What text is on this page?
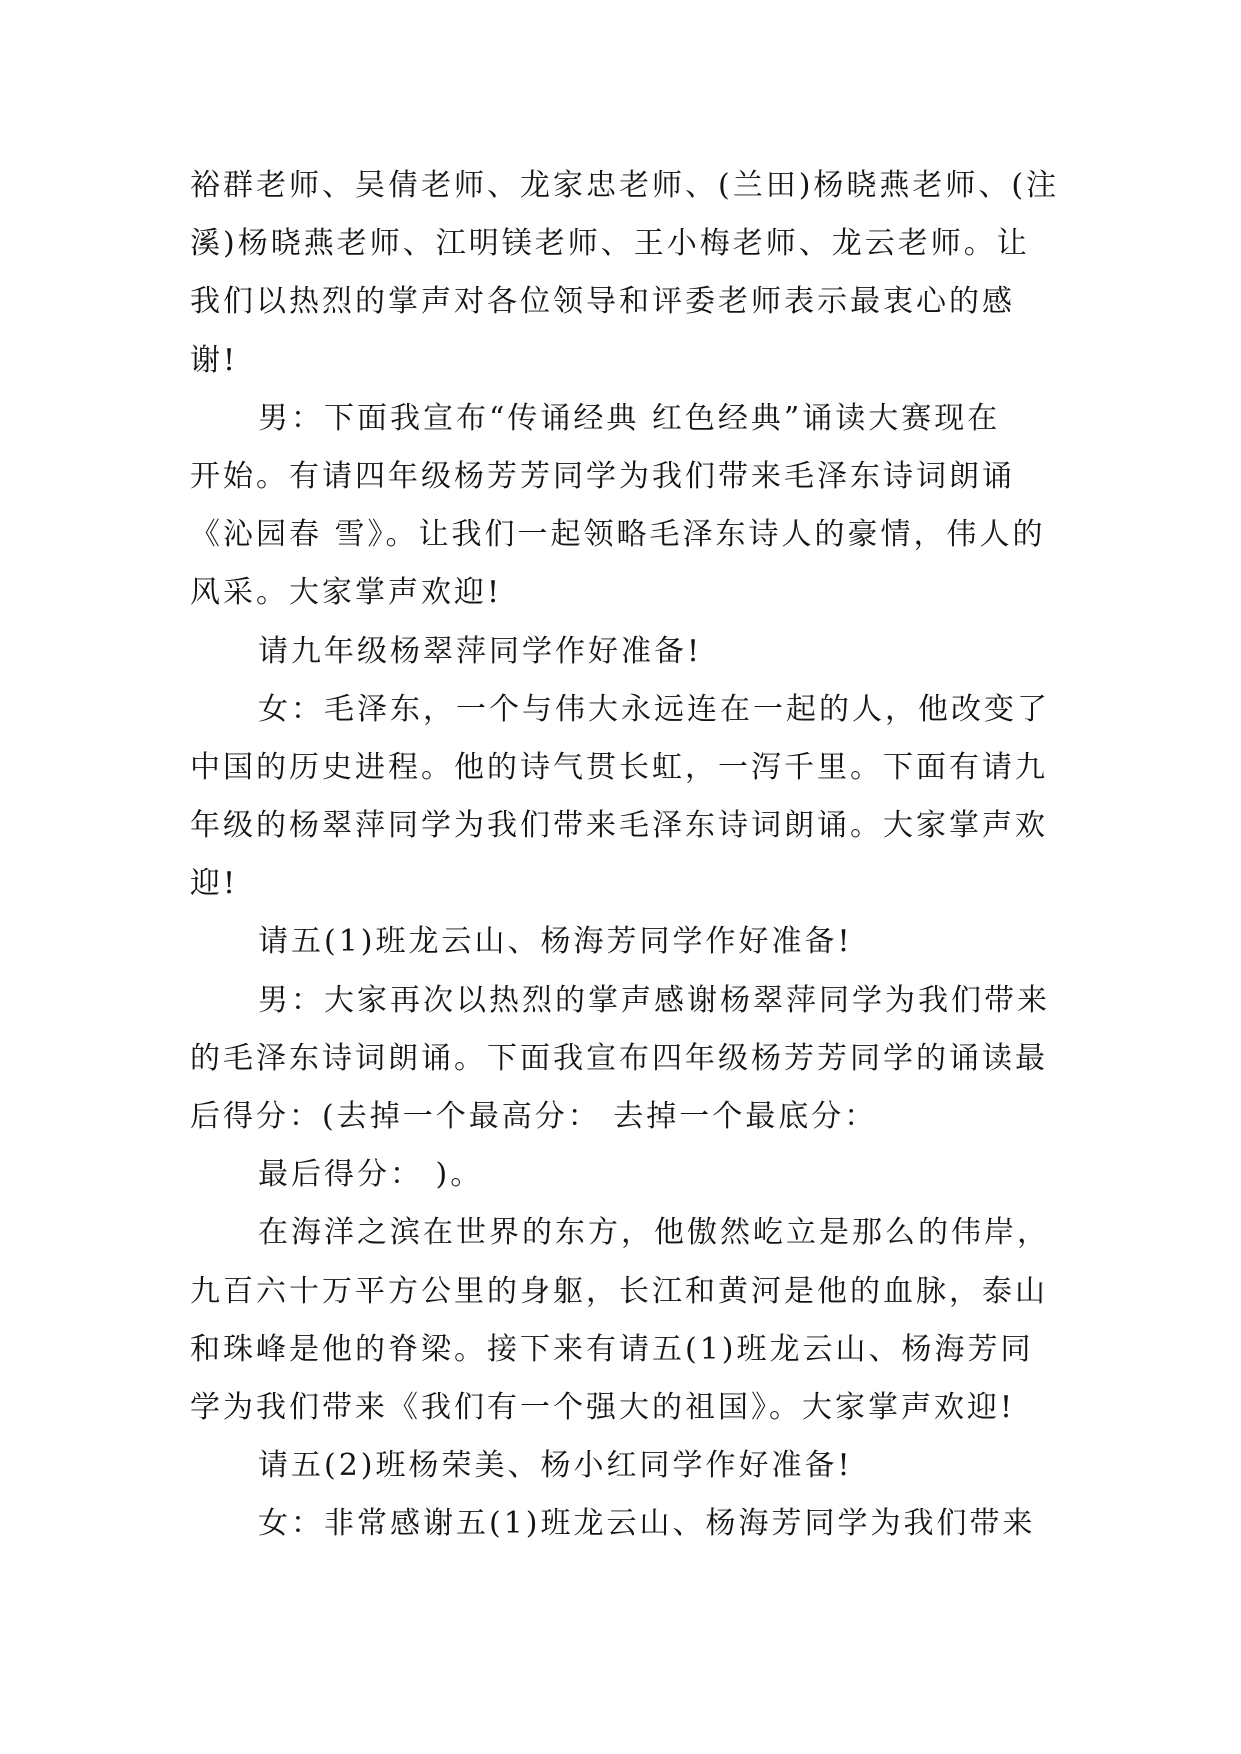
裕群老师、吴倩老师、龙家忠老师、(兰田)杨晓燕老师、(注
溪)杨晓燕老师、江明镁老师、王小梅老师、龙云老师。让
我们以热烈的掌声对各位领导和评委老师表示最衷心的感
谢!
男：下面我宣布“传诵经典 红色经典”诵读大赛现在
开始。有请四年级杨芳芳同学为我们带来毛泽东诗词朗诵
《沁园春 雪》。让我们一起领略毛泽东诗人的豪情，伟人的
风采。大家掌声欢迎!
请九年级杨翠萍同学作好准备!
女：毛泽东，一个与伟大永远连在一起的人，他改变了
中国的历史进程。他的诗气贯长虹，一泻千里。下面有请九
年级的杨翠萍同学为我们带来毛泽东诗词朗诵。大家掌声欢
迎!
请五(1)班龙云山、杨海芳同学作好准备!
男：大家再次以热烈的掌声感谢杨翠萍同学为我们带来
的毛泽东诗词朗诵。下面我宣布四年级杨芳芳同学的诵读最
后得分：(去掉一个最高分： 去掉一个最底分：
最后得分： )。
在海洋之滨在世界的东方，他傲然屹立是那么的伟岸，
九百六十万平方公里的身躯，长江和黄河是他的血脉，泰山
和珠峰是他的脊梁。接下来有请五(1)班龙云山、杨海芳同
学为我们带来《我们有一个强大的祖国》。大家掌声欢迎!
请五(2)班杨荣美、杨小红同学作好准备!
女：非常感谢五(1)班龙云山、杨海芳同学为我们带来
